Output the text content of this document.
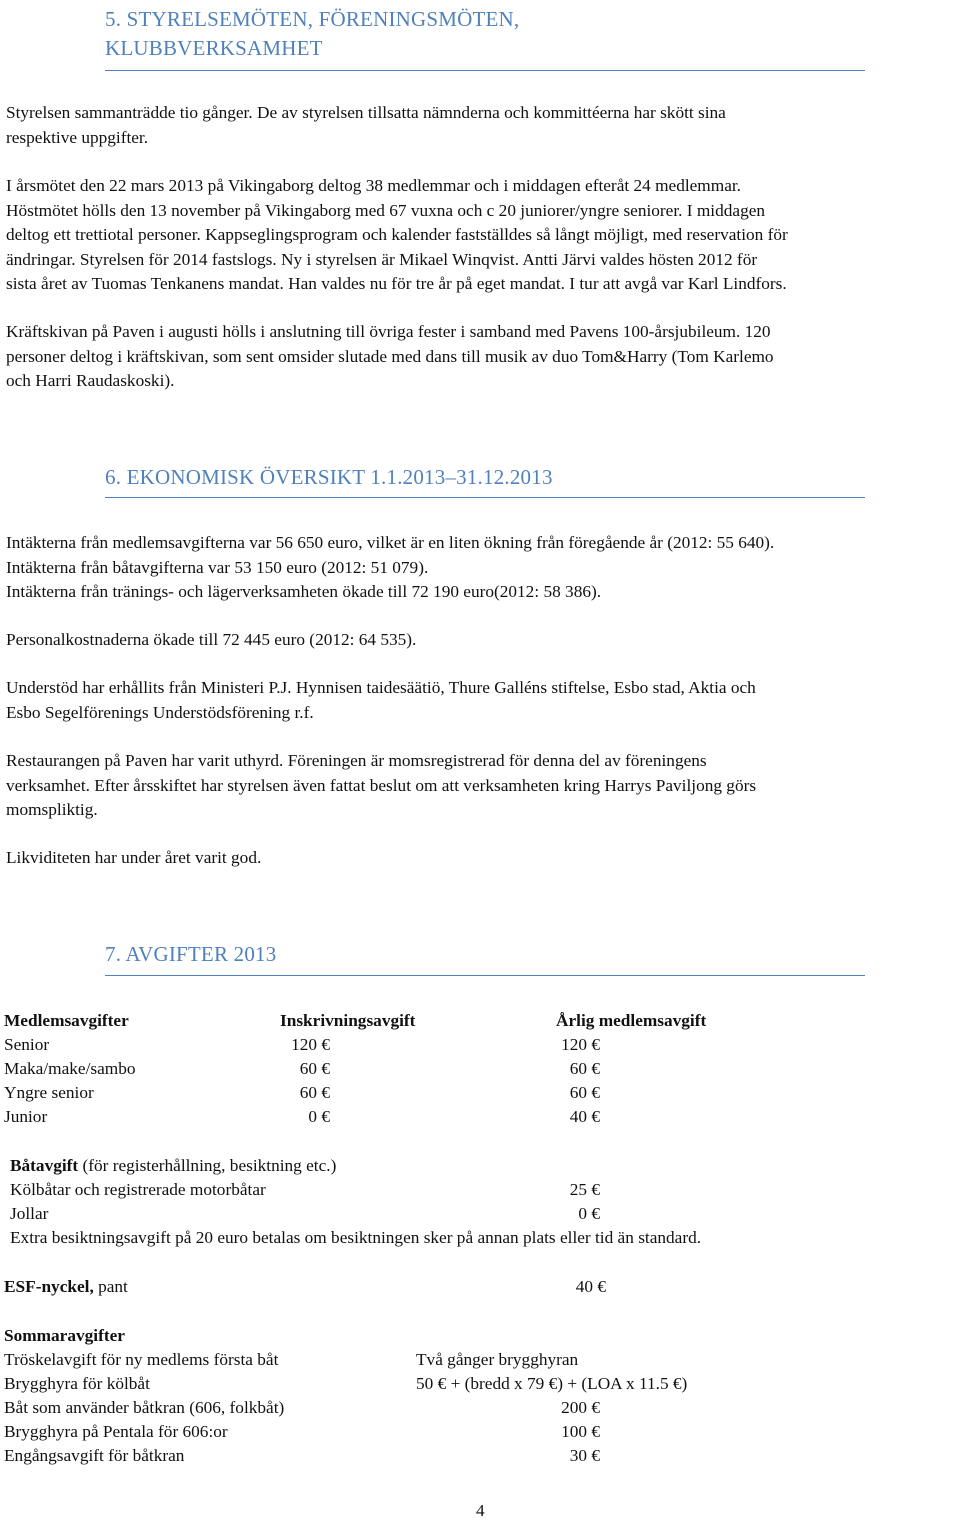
5. STYRELSEMÖTEN, FÖRENINGSMÖTEN,
KLUBBVERKSAMHET
Styrelsen sammanträdde tio gånger. De av styrelsen tillsatta nämnderna och kommittéerna har skött sina
respektive uppgifter.
I årsmötet den 22 mars 2013 på Vikingaborg deltog 38 medlemmar och i middagen efteråt 24 medlemmar.
Höstmötet hölls den 13 november på Vikingaborg med 67 vuxna och c 20 juniorer/yngre seniorer. I middagen
deltog ett trettiotal personer. Kappseglingsprogram och kalender fastställdes så långt möjligt, med reservation för
ändringar. Styrelsen för 2014 fastslogs. Ny i styrelsen är Mikael Winqvist. Antti Järvi valdes hösten 2012 för
sista året av Tuomas Tenkanens mandat. Han valdes nu för tre år på eget mandat. I tur att avgå var Karl Lindfors.
Kräftskivan på Paven i augusti hölls i anslutning till övriga fester i samband med Pavens 100-årsjubileum. 120
personer deltog i kräftskivan, som sent omsider slutade med dans till musik av duo Tom&Harry (Tom Karlemo
och Harri Raudaskoski).
6. EKONOMISK ÖVERSIKT 1.1.2013–31.12.2013
Intäkterna från medlemsavgifterna var 56 650 euro, vilket är en liten ökning från föregående år (2012: 55 640).
Intäkterna från båtavgifterna var 53 150 euro (2012: 51 079).
Intäkterna från tränings- och lägerverksamheten ökade till 72 190 euro(2012: 58 386).
Personalkostnaderna ökade till 72 445 euro (2012: 64 535).
Understöd har erhållits från Ministeri P.J. Hynnisen taidesäätiö, Thure Galléns stiftelse, Esbo stad, Aktia och
Esbo Segelförenings Understödsförening r.f.
Restaurangen på Paven har varit uthyrd. Föreningen är momsregistrerad för denna del av föreningens
verksamhet. Efter årsskiftet har styrelsen även fattat beslut om att verksamheten kring Harrys Paviljong görs
momspliktig.
Likviditeten har under året varit god.
7. AVGIFTER 2013
Medlemsavgifter	Inskrivningsavgift	Årlig medlemsavgift
Senior	120 €	120 €
Maka/make/sambo	60 €	60 €
Yngre senior	60 €	60 €
Junior	0 €	40 €
Båtavgift (för registerhållning, besiktning etc.)
Kölbåtar och registrerade motorbåtar	25 €
Jollar	0 €
Extra besiktningsavgift på 20 euro betalas om besiktningen sker på annan plats eller tid än standard.
ESF-nyckel, pant	40 €
Sommaravgifter
Tröskelavgift för ny medlems första båt	Två gånger brygghyran
Brygghyra för kölbåt	50 € + (bredd x 79 €) + (LOA x 11.5 €)
Båt som använder båtkran (606, folkbåt)	200 €
Brygghyra på Pentala för 606:or	100 €
Engångsavgift för båtkran	30 €
4
